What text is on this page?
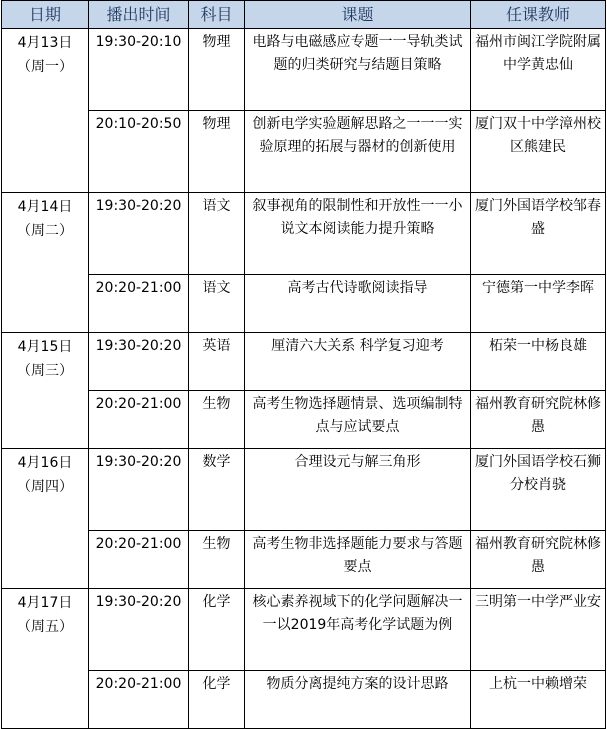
日期	播出时间	科目	课题	任课教师

4月13日
（周一）	19:30-20:10	物理	电路与电磁感应专题一一导轨类试题的归类研究与结题目策略	福州市闽江学院附属中学黄忠仙
	20:10-20:50	物理	创新电学实验题解思路之一一一实验原理的拓展与器材的创新使用	厦门双十中学漳州校区熊建民

4月14日
（周二）	19:30-20:20	语文	叙事视角的限制性和开放性一一小说文本阅读能力提升策略	厦门外国语学校邹春盛
	20:20-21:00	语文	高考古代诗歌阅读指导	宁德第一中学李晖

4月15日
（周三）	19:30-20:20	英语	厘清六大关系 科学复习迎考	柘荣一中杨良雄
	20:20-21:00	生物	高考生物选择题情景、选项编制特点与应试要点	福州教育研究院林修愚

4月16日
（周四）	19:30-20:20	数学	合理设元与解三角形	厦门外国语学校石狮分校肖骁
	20:20-21:00	生物	高考生物非选择题能力要求与答题要点	福州教育研究院林修愚

4月17日
（周五）	19:30-20:20	化学	核心素养视域下的化学问题解决一一以2019年高考化学试题为例	三明第一中学严业安
	20:20-21:00	化学	物质分离提纯方案的设计思路	上杭一中赖增荣
